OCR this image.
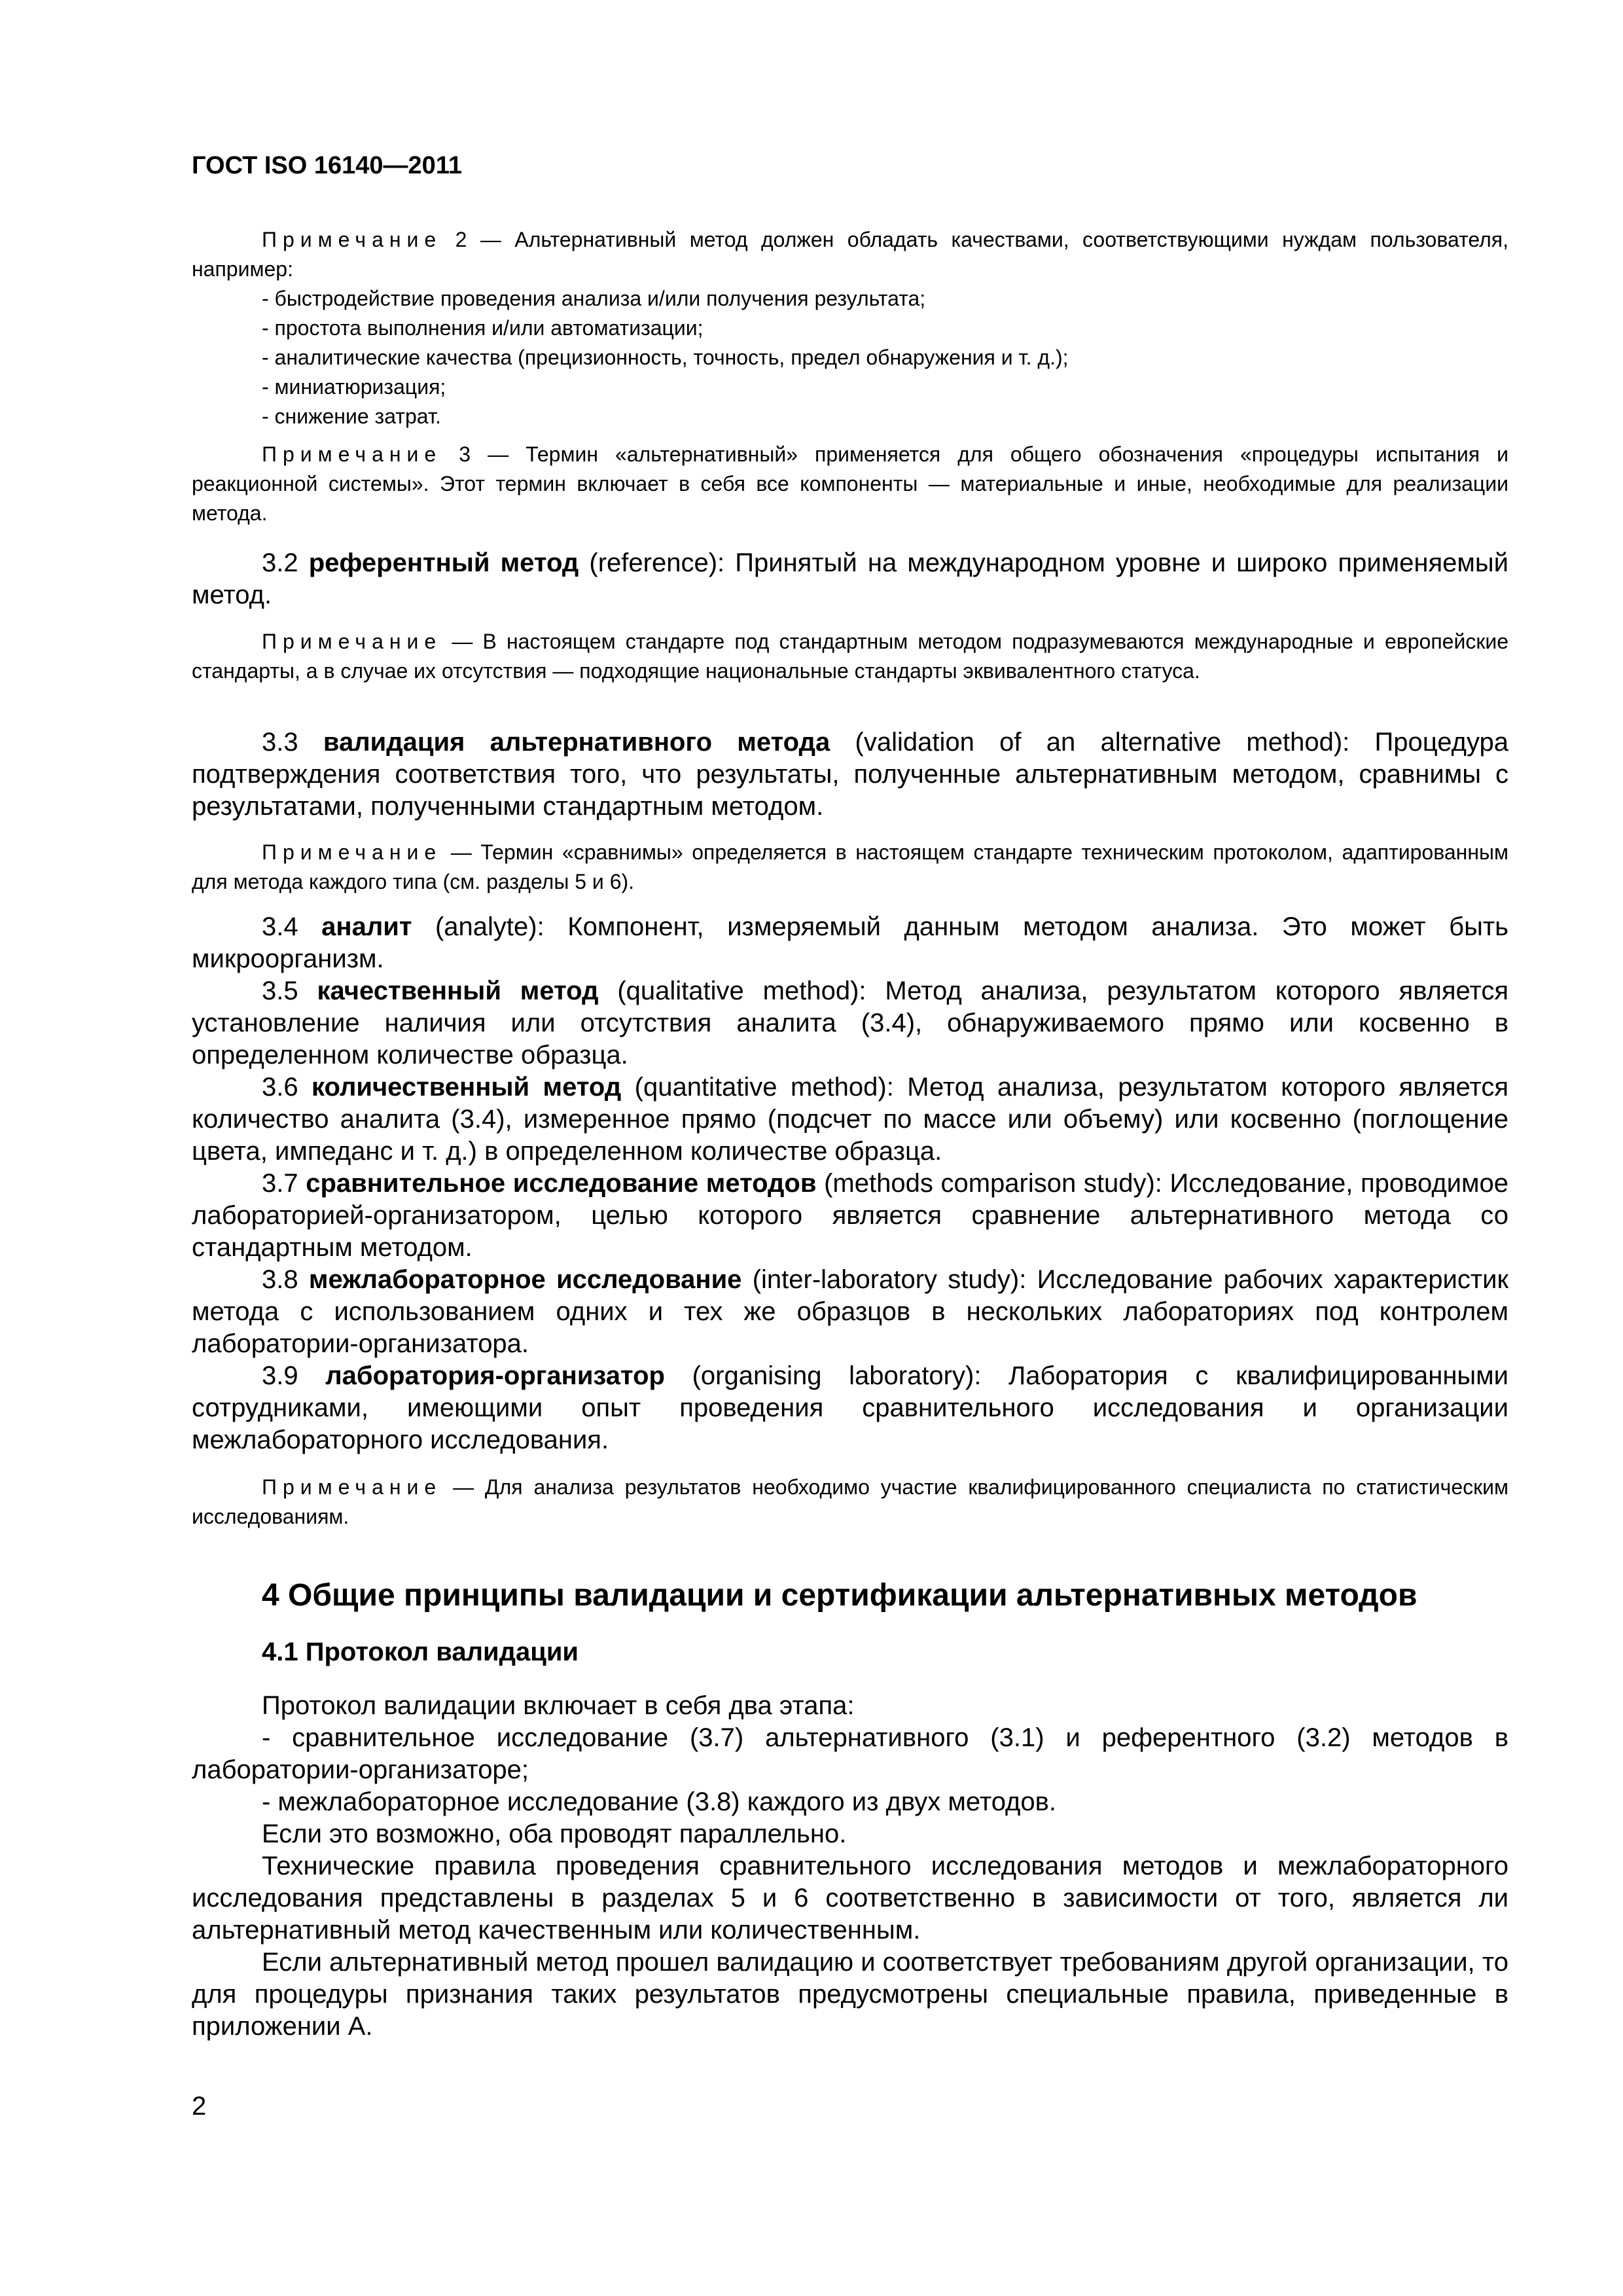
ГОСТ ISO 16140—2011

Примечание 2 — Альтернативный метод должен обладать качествами, соответствующими нуждам пользователя, например:

- быстродействие проведения анализа и/или получения результата;

- простота выполнения и/или автоматизации;

- аналитические качества (прецизионность, точность, предел обнаружения и т. д.);

- миниатюризация;

- снижение затрат.

Примечание 3 — Термин «альтернативный» применяется для общего обозначения «процедуры испытания и реакционной системы». Этот термин включает в себя все компоненты — материальные и иные, необходимые для реализации метода.

3.2 референтный метод (reference): Принятый на международном уровне и широко применяемый метод.

Примечание — В настоящем стандарте под стандартным методом подразумеваются международные и европейские стандарты, а в случае их отсутствия — подходящие национальные стандарты эквивалентного статуса.

3.3 валидация альтернативного метода (validation of an alternative method): Процедура подтверждения соответствия того, что результаты, полученные альтернативным методом, сравнимы с результатами, полученными стандартным методом.

Примечание — Термин «сравнимы» определяется в настоящем стандарте техническим протоколом, адаптированным для метода каждого типа (см. разделы 5 и 6).

3.4 аналит (analyte): Компонент, измеряемый данным методом анализа. Это может быть микроорганизм.

3.5 качественный метод (qualitative method): Метод анализа, результатом которого является установление наличия или отсутствия аналита (3.4), обнаруживаемого прямо или косвенно в определенном количестве образца.

3.6 количественный метод (quantitative method): Метод анализа, результатом которого является количество аналита (3.4), измеренное прямо (подсчет по массе или объему) или косвенно (поглощение цвета, импеданс и т. д.) в определенном количестве образца.

3.7 сравнительное исследование методов (methods comparison study): Исследование, проводимое лабораторией-организатором, целью которого является сравнение альтернативного метода со стандартным методом.

3.8 межлабораторное исследование (inter-laboratory study): Исследование рабочих характеристик метода с использованием одних и тех же образцов в нескольких лабораториях под контролем лаборатории-организатора.

3.9 лаборатория-организатор (organising laboratory): Лаборатория с квалифицированными сотрудниками, имеющими опыт проведения сравнительного исследования и организации межлабораторного исследования.

Примечание — Для анализа результатов необходимо участие квалифицированного специалиста по статистическим исследованиям.

4 Общие принципы валидации и сертификации альтернативных методов

4.1 Протокол валидации

Протокол валидации включает в себя два этапа:

- сравнительное исследование (3.7) альтернативного (3.1) и референтного (3.2) методов в лаборатории-организаторе;

- межлабораторное исследование (3.8) каждого из двух методов.

Если это возможно, оба проводят параллельно.

Технические правила проведения сравнительного исследования методов и межлабораторного исследования представлены в разделах 5 и 6 соответственно в зависимости от того, является ли альтернативный метод качественным или количественным.

Если альтернативный метод прошел валидацию и соответствует требованиям другой организации, то для процедуры признания таких результатов предусмотрены специальные правила, приведенные в приложении А.

2
